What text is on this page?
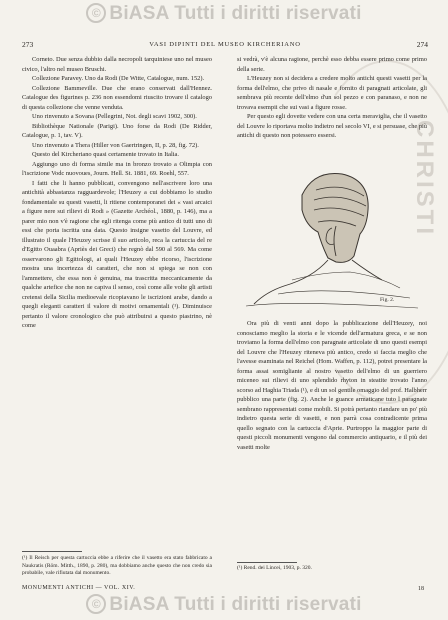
CHRISTI
© BiASA Tutti i diritti riservati
273	VASI DIPINTI DEL MUSEO KIRCHERIANO	274

Corneto. Due senza dubbio dalla necropoli tarquiniese uno nel museo civico, l'altro nel museo Bruschi.

Collezione Paravey. Uno da Rodi (De Witte, Catalogue, num. 152).

Collezione Bammeville. Due che erano conservati dall'Hennez. Catalogue des figurines p. 236 non essendomi riuscito trovare il catalogo di questa collezione che venne venduta.

Uno rinvenuto a Sovana (Pellegrini, Not. degli scavi 1902, 300).

Bibliothèque Nationale (Parigi). Uno forse da Rodi (De Ridder, Catalogue, p. 1, tav. V).

Uno rinvenuto a Thera (Hiller von Gaertringen, II, p. 28, fig. 72).

Questo del Kircheriano quasi certamente trovato in Italia.

Aggiungo uno di forma simile ma in bronzo trovato a Olimpia con l'iscrizione Vodc nuovoues, Journ. Hell. St. 1881, 69. Roehl, 557.

I fatti che li hanno pubblicati, convengono nell'ascrivere loro una antichità abbastanza ragguardevole; l'Heuzey a cui dobbiamo lo studio fondamentale su questi vasetti, li ritiene contemporanei dei « vasi arcaici a figure nere sui rilievi di Rodi » (Gazette Archéol., 1880, p. 146), ma a parer mio non v'è ragione che egli ritenga come più antico di tutti uno di essi che porta iscritta una data. Questo insigne vasetto del Louvre, ed illustrato il quale l'Heuzey scrisse il suo articolo, reca la cartuccia del re d'Egitto Ouaabra (Apriès dei Greci) che regnò dal 590 al 569. Ma come osservarono gli Egittologi, ai quali l'Heuzey ebbe ricorso, l'iscrizione mostra una incertezza di caratteri, che non si spiega se non con l'ammettere, che essa non è genuina, ma trascritta meccanicamente da qualche artefice che non ne capiva il senso, così come alle volte gli artisti cretensi della Sicilia medioevale ricopiavano le iscrizioni arabe, dando a quegli eleganti caratteri il valore di motivi ornamentali (¹). Diminuisce pertanto il valore cronologico che può attribuirsi a questo piastrino, nè come

si vedrà, v'è alcuna ragione, perchè esso debba essere primo come primo della serie.

L'Heuzey non si decidera a credere molto antichi questi vasetti per la forma dell'elmo, che privo di nasale e fornito di paragnati articolate, gli sembrava più recente dell'elmo d'un sol pezzo e con paranaso, e non ne trovava esempii che sui vasi a figure rosse.

Per questo egli dovette vedere con una certa meraviglia, che il vasetto del Louvre lo riportava molto indietro nel secolo VI, e si persuase, che più antichi di questo non potessero essersi.

Fig. 2.

Ora più di venti anni dopo la pubblicazione dell'Heuzey, noi conosciamo meglio la storia e le vicende dell'armatura greca, e se non troviamo la forma dell'elmo con paragnate articolate di uno questi esempi del Louvre che l'Heuzey riteneva più antico, credo si faccia meglio che l'avesse esaminata nel Reichel (Hom. Waffen, p. 112), potrei presentare la forma assai somigliante al nostro vasetto dell'elmo di un guerriero miceneo sui rilievi di uno splendido rhyton in steatite trovato l'anno scorso ad Haghia Triada (¹), e di un sol gentile omaggio del prof. Halbherr pubblico una parte (fig. 2). Anche le guance armaticane tuto l paragnate sembrano rappresentati come mobili. Si potrà pertanto riandare un po' più indietro questa serie di vasetti, e non parrà cosa contradicente prima quello segnato con la cartuccia d'Aprie. Purtroppo la maggior parte di questi piccoli monumenti vengono dal commercio antiquario, e il più dei vasetti molte

(¹) Il Reisch per questa cartuccia ebbe a riferire che il vasetto era stato fabbricato a Naukratis (Röm. Mitth., 1890, p. 280), ma dobbiamo anche questo che non credo sia probabile, vale rifiutata dal monumento.
(¹) Rend. dei Lincei, 1903, p. 320.
MONUMENTI ANTICHI — VOL. XIV.	18
© BiASA Tutti i diritti riservati
